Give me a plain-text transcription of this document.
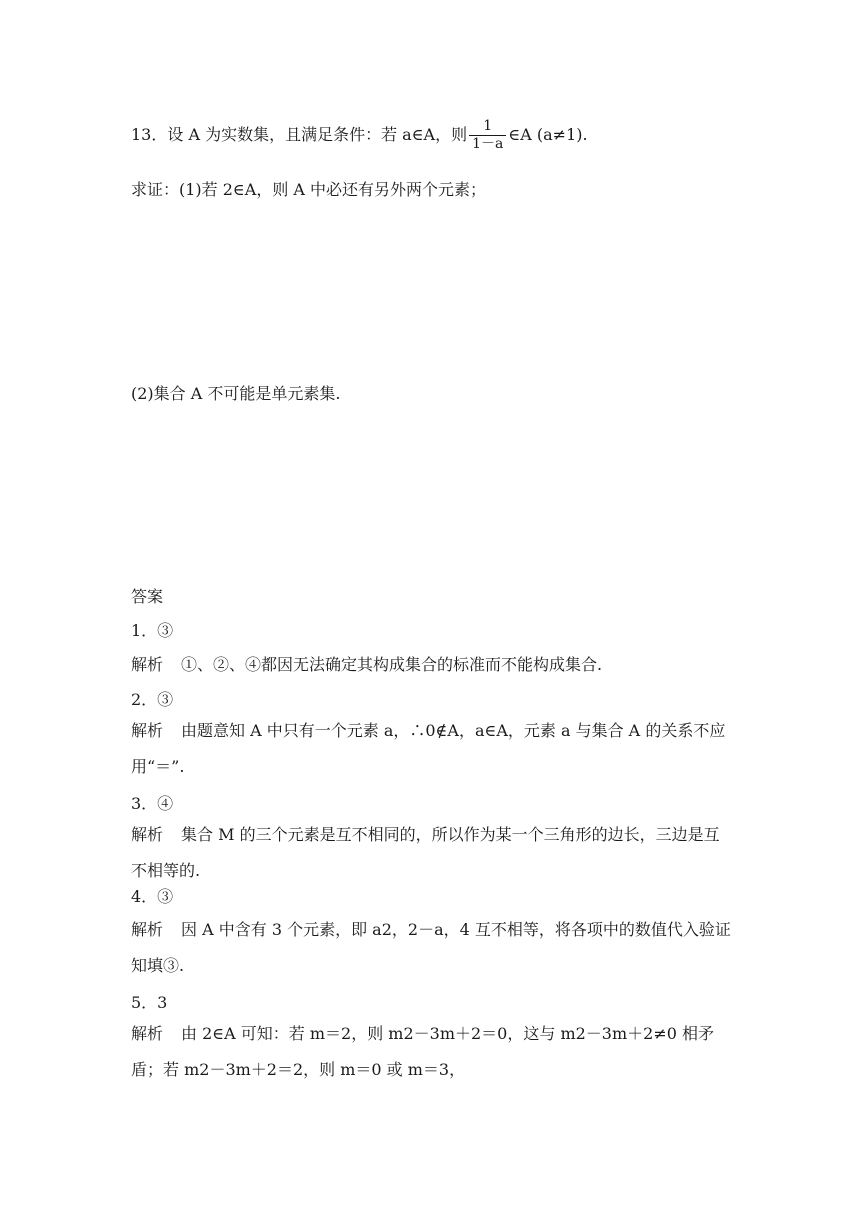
13．设 A 为实数集，且满足条件：若 a∈A，则 $\frac{1}{1-a}$ ∈A (a≠1).
求证：(1)若 2∈A，则 A 中必还有另外两个元素；
(2)集合 A 不可能是单元素集.
答案
1．③
解析 ①、②、④都因无法确定其构成集合的标准而不能构成集合.
2．③
解析 由题意知 A 中只有一个元素 a，∴0∉A，a∈A，元素 a 与集合 A 的关系不应用“＝”.
3．④
解析 集合 M 的三个元素是互不相同的，所以作为某一个三角形的边长，三边是互不相等的.
4．③
解析 因 A 中含有 3 个元素，即 a2，2－a，4 互不相等，将各项中的数值代入验证知填③.
5．3
解析 由 2∈A 可知：若 m＝2，则 m2－3m＋2＝0，这与 m2－3m＋2≠0 相矛盾；若 m2－3m＋2＝2，则 m＝0 或 m＝3，
